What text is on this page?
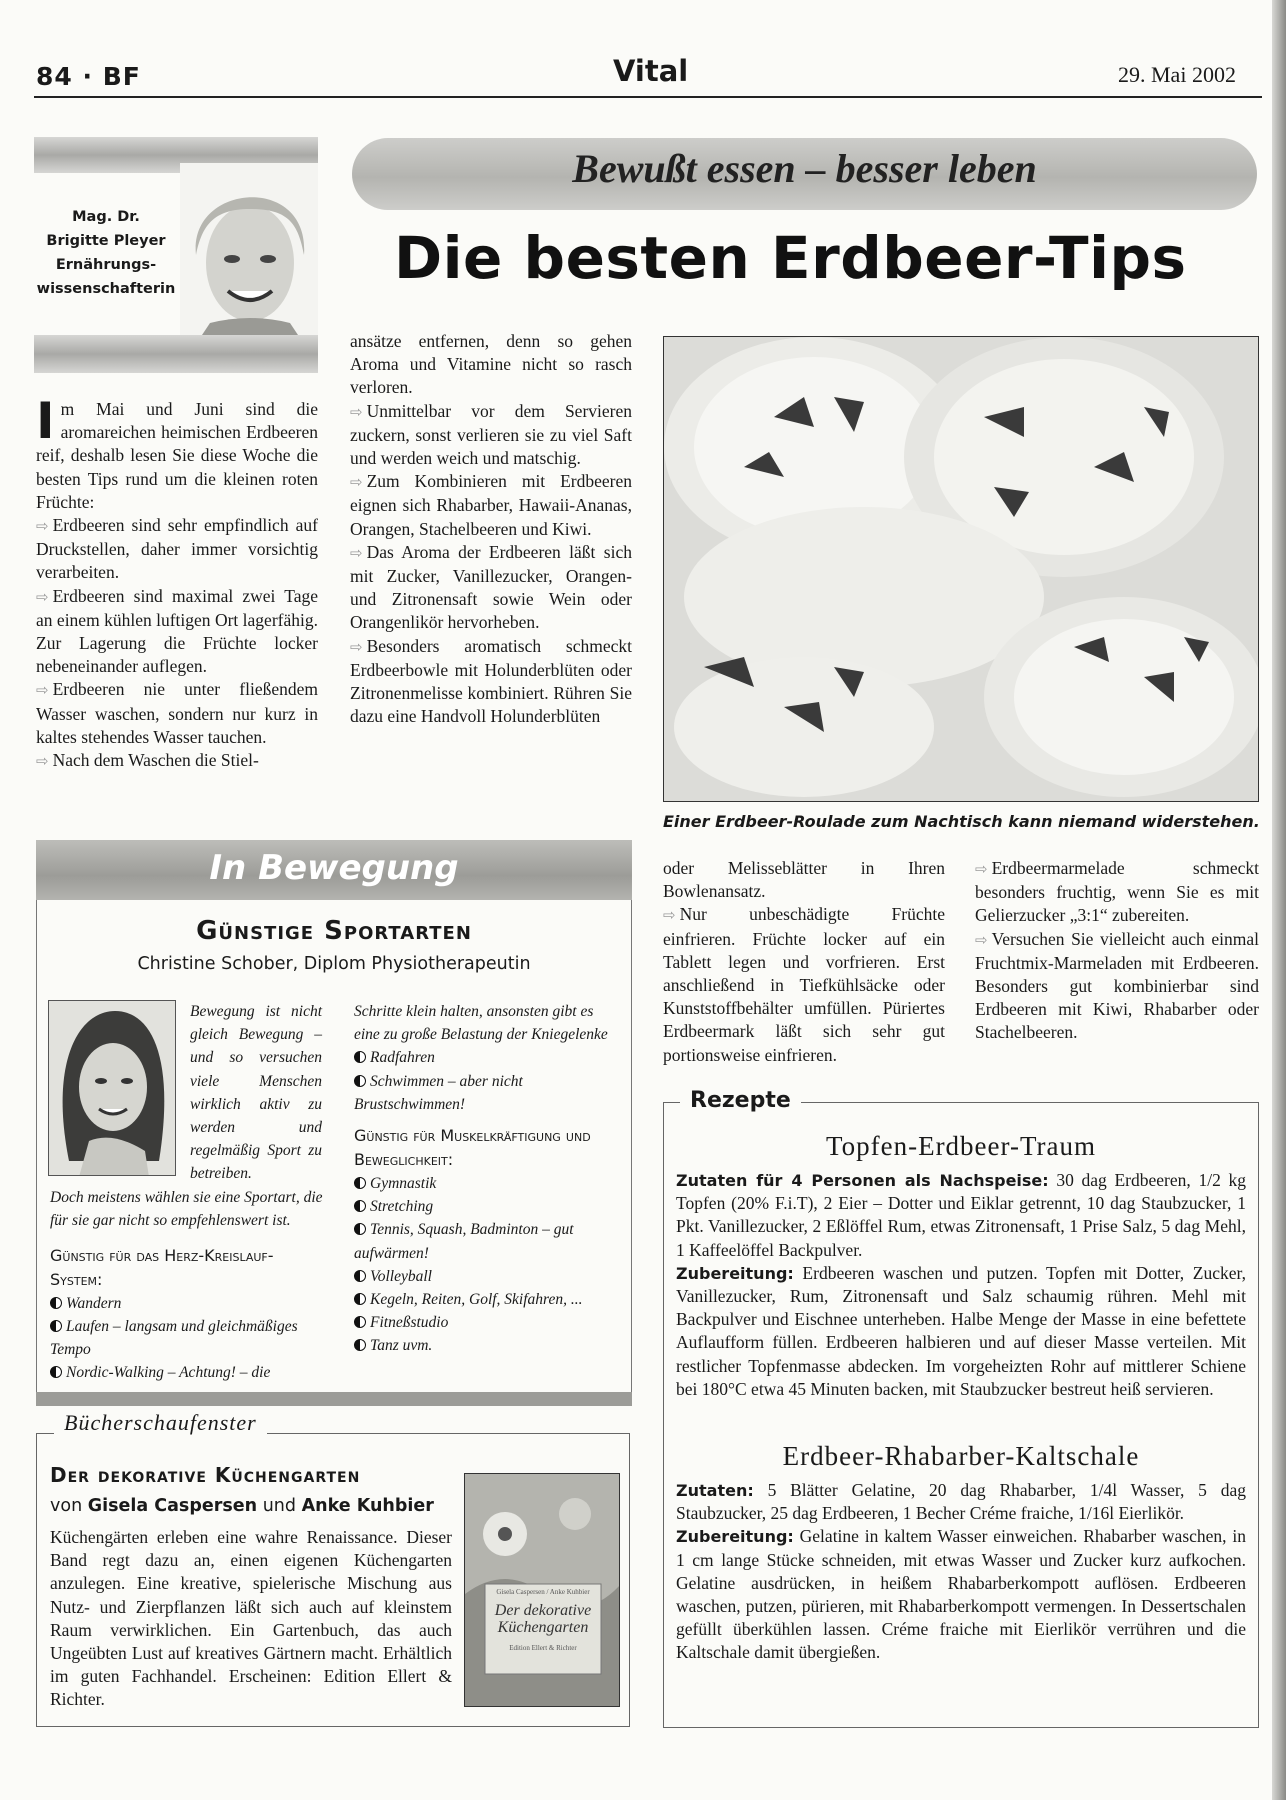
84 · BF	Vital	29. Mai 2002
Mag. Dr.
Brigitte Pleyer
Ernährungs-
wissenschafterin
Bewußt essen – besser leben
Die besten Erdbeer-Tips

Im Mai und Juni sind die aromareichen heimischen Erdbeeren reif, deshalb lesen Sie diese Woche die besten Tips rund um die kleinen roten Früchte:

⇨ Erdbeeren sind sehr empfindlich auf Druckstellen, daher immer vorsichtig verarbeiten.

⇨ Erdbeeren sind maximal zwei Tage an einem kühlen luftigen Ort lagerfähig. Zur Lagerung die Früchte locker nebeneinander auflegen.

⇨ Erdbeeren nie unter fließendem Wasser waschen, sondern nur kurz in kaltes stehendes Wasser tauchen.

⇨ Nach dem Waschen die Stiel-

ansätze entfernen, denn so gehen Aroma und Vitamine nicht so rasch verloren.

⇨ Unmittelbar vor dem Servieren zuckern, sonst verlieren sie zu viel Saft und werden weich und matschig.

⇨ Zum Kombinieren mit Erdbeeren eignen sich Rhabarber, Hawaii-Ananas, Orangen, Stachelbeeren und Kiwi.

⇨ Das Aroma der Erdbeeren läßt sich mit Zucker, Vanillezucker, Orangen- und Zitronensaft sowie Wein oder Orangenlikör hervorheben.

⇨ Besonders aromatisch schmeckt Erdbeerbowle mit Holunderblüten oder Zitronenmelisse kombiniert. Rühren Sie dazu eine Handvoll Holunderblüten

Einer Erdbeer-Roulade zum Nachtisch kann niemand widerstehen.

oder Melisseblätter in Ihren Bowlenansatz.

⇨ Nur unbeschädigte Früchte einfrieren. Früchte locker auf ein Tablett legen und vorfrieren. Erst anschließend in Tiefkühlsäcke oder Kunststoffbehälter umfüllen. Püriertes Erdbeermark läßt sich sehr gut portionsweise einfrieren.

⇨ Erdbeermarmelade schmeckt besonders fruchtig, wenn Sie es mit Gelierzucker „3:1“ zubereiten.

⇨ Versuchen Sie vielleicht auch einmal Fruchtmix-Marmeladen mit Erdbeeren. Besonders gut kombinierbar sind Erdbeeren mit Kiwi, Rhabarber oder Stachelbeeren.

In Bewegung
Günstige Sportarten
Christine Schober, Diplom Physiotherapeutin
Bewegung ist nicht gleich Bewegung – und so versuchen viele Menschen wirklich aktiv zu werden und regelmäßig Sport zu betreiben.
Doch meistens wählen sie eine Sportart, die für sie gar nicht so empfehlenswert ist.
Günstig für das Herz-Kreislauf-System:
Wandern
Laufen – langsam und gleichmäßiges Tempo
Nordic-Walking – Achtung! – die
Schritte klein halten, ansonsten gibt es eine zu große Belastung der Kniegelenke
Radfahren
Schwimmen – aber nicht Brustschwimmen!
Günstig für Muskelkräftigung und Beweglichkeit:
Gymnastik
Stretching
Tennis, Squash, Badminton – gut aufwärmen!
Volleyball
Kegeln, Reiten, Golf, Skifahren, ...
Fitneßstudio
Tanz uvm.
Bücherschaufenster
Der dekorative Küchengarten
von Gisela Caspersen und Anke Kuhbier
Küchengärten erleben eine wahre Renaissance. Dieser Band regt dazu an, einen eigenen Küchengarten anzulegen. Eine kreative, spielerische Mischung aus Nutz- und Zierpflanzen läßt sich auch auf kleinstem Raum verwirklichen. Ein Gartenbuch, das auch Ungeübten Lust auf kreatives Gärtnern macht. Erhältlich im guten Fachhandel. Erscheinen: Edition Ellert & Richter.
Gisela Caspersen / Anke Kuhbier
Der dekorative Küchengarten
Edition Ellert & Richter
Rezepte
Topfen-Erdbeer-Traum

Zutaten für 4 Personen als Nachspeise: 30 dag Erdbeeren, 1/2 kg Topfen (20% F.i.T), 2 Eier – Dotter und Eiklar getrennt, 10 dag Staubzucker, 1 Pkt. Vanillezucker, 2 Eßlöffel Rum, etwas Zitronensaft, 1 Prise Salz, 5 dag Mehl, 1 Kaffeelöffel Backpulver.

Zubereitung: Erdbeeren waschen und putzen. Topfen mit Dotter, Zucker, Vanillezucker, Rum, Zitronensaft und Salz schaumig rühren. Mehl mit Backpulver und Eischnee unterheben. Halbe Menge der Masse in eine befettete Auflaufform füllen. Erdbeeren halbieren und auf dieser Masse verteilen. Mit restlicher Topfenmasse abdecken. Im vorgeheizten Rohr auf mittlerer Schiene bei 180°C etwa 45 Minuten backen, mit Staubzucker bestreut heiß servieren.

Erdbeer-Rhabarber-Kaltschale

Zutaten: 5 Blätter Gelatine, 20 dag Rhabarber, 1/4l Wasser, 5 dag Staubzucker, 25 dag Erdbeeren, 1 Becher Créme fraiche, 1/16l Eierlikör.

Zubereitung: Gelatine in kaltem Wasser einweichen. Rhabarber waschen, in 1 cm lange Stücke schneiden, mit etwas Wasser und Zucker kurz aufkochen. Gelatine ausdrücken, in heißem Rhabarberkompott auflösen. Erdbeeren waschen, putzen, pürieren, mit Rhabarberkompott vermengen. In Dessertschalen gefüllt überkühlen lassen. Créme fraiche mit Eierlikör verrühren und die Kaltschale damit übergießen.
